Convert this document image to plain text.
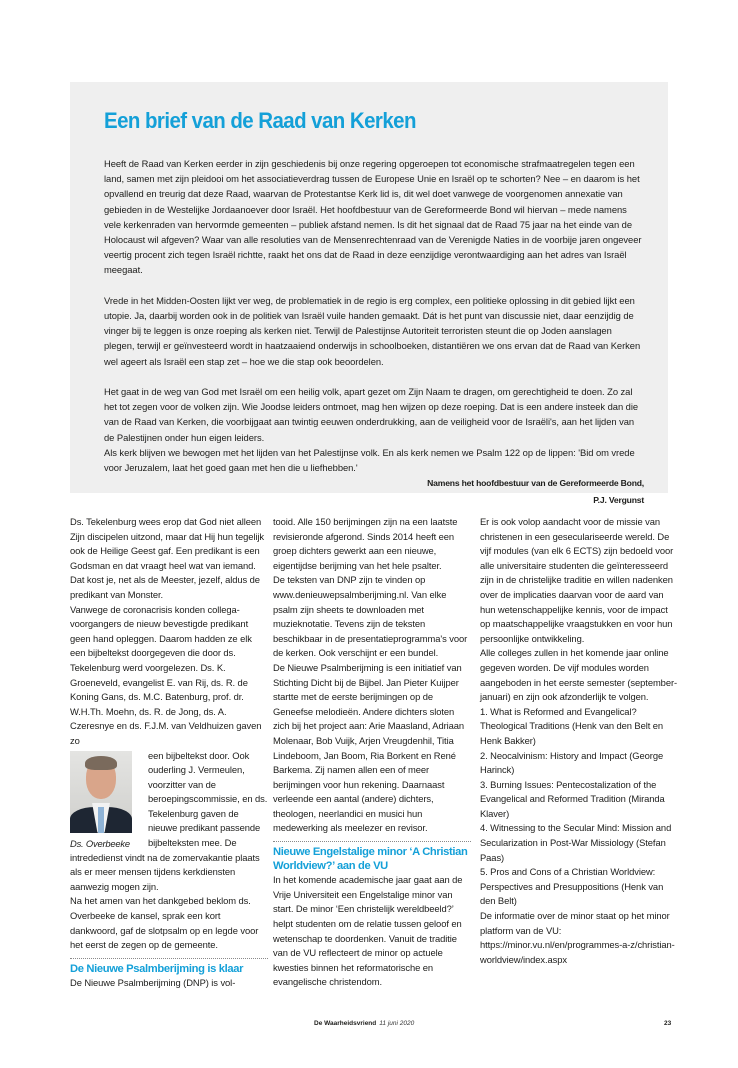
Een brief van de Raad van Kerken

Heeft de Raad van Kerken eerder in zijn geschiedenis bij onze regering opgeroepen tot economische strafmaatregelen tegen een land, samen met zijn pleidooi om het associatieverdrag tussen de Europese Unie en Israël op te schorten? Nee – en daarom is het opvallend en treurig dat deze Raad, waarvan de Protestantse Kerk lid is, dit wel doet vanwege de voorgenomen annexatie van gebieden in de Westelijke Jordaanoever door Israël. Het hoofdbestuur van de Gereformeerde Bond wil hiervan – mede namens vele kerkenraden van hervormde gemeenten – publiek afstand nemen. Is dit het signaal dat de Raad 75 jaar na het einde van de Holocaust wil afgeven? Waar van alle resoluties van de Mensenrechtenraad van de Verenigde Naties in de voorbije jaren ongeveer veertig procent zich tegen Israël richtte, raakt het ons dat de Raad in deze eenzijdige verontwaardiging aan het adres van Israël meegaat.

Vrede in het Midden-Oosten lijkt ver weg, de problematiek in de regio is erg complex, een politieke oplossing in dit gebied lijkt een utopie. Ja, daarbij worden ook in de politiek van Israël vuile handen gemaakt. Dát is het punt van discussie niet, daar eenzijdig de vinger bij te leggen is onze roeping als kerken niet. Terwijl de Palestijnse Autoriteit terroristen steunt die op Joden aanslagen plegen, terwijl er geïnvesteerd wordt in haatzaaiend onderwijs in schoolboeken, distantiëren we ons ervan dat de Raad van Kerken wel ageert als Israël een stap zet – hoe we die stap ook beoordelen.

Het gaat in de weg van God met Israël om een heilig volk, apart gezet om Zijn Naam te dragen, om gerechtigheid te doen. Zo zal het tot zegen voor de volken zijn. Wie Joodse leiders ontmoet, mag hen wijzen op deze roeping. Dat is een andere insteek dan die van de Raad van Kerken, die voorbijgaat aan twintig eeuwen onderdrukking, aan de veiligheid voor de Israëli's, aan het lijden van de Palestijnen onder hun eigen leiders.

Als kerk blijven we bewogen met het lijden van het Palestijnse volk. En als kerk nemen we Psalm 122 op de lippen: 'Bid om vrede voor Jeruzalem, laat het goed gaan met hen die u liefhebben.'

Namens het hoofdbestuur van de Gereformeerde Bond,
P.J. Vergunst

Ds. Tekelenburg wees erop dat God niet alleen Zijn discipelen uitzond, maar dat Hij hun tegelijk ook de Heilige Geest gaf. Een predikant is een Godsman en dat vraagt heel wat van iemand. Dat kost je, net als de Meester, jezelf, aldus de predikant van Monster.

Vanwege de coronacrisis konden collega-voorgangers de nieuw bevestigde predikant geen hand opleggen. Daarom hadden ze elk een bijbeltekst doorgegeven die door ds. Tekelenburg werd voorgelezen. Ds. K. Groeneveld, evangelist E. van Rij, ds. R. de Koning Gans, ds. M.C. Batenburg, prof. dr. W.H.Th. Moehn, ds. R. de Jong, ds. A. Czeresnye en ds. F.J.M. van Veldhuizen gaven zo

Ds. Overbeeke

een bijbeltekst door. Ook ouderling J. Vermeulen, voorzitter van de beroepingscommissie, en ds. Tekelenburg gaven de nieuwe predikant passende bijbelteksten mee. De intrededienst vindt na de zomervakantie plaats als er meer mensen tijdens kerkdiensten aanwezig mogen zijn.

Na het amen van het dankgebed beklom ds. Overbeeke de kansel, sprak een kort dankwoord, gaf de slotpsalm op en legde voor het eerst de zegen op de gemeente.

De Nieuwe Psalmberijming is klaar

De Nieuwe Psalmberijming (DNP) is vol-

tooid. Alle 150 berijmingen zijn na een laatste revisieronde afgerond. Sinds 2014 heeft een groep dichters gewerkt aan een nieuwe, eigentijdse berijming van het hele psalter.

De teksten van DNP zijn te vinden op www.denieuwepsalmberijming.nl. Van elke psalm zijn sheets te downloaden met muzieknotatie. Tevens zijn de teksten beschikbaar in de presentatieprogramma's voor de kerken. Ook verschijnt er een bundel.

De Nieuwe Psalmberijming is een initiatief van Stichting Dicht bij de Bijbel. Jan Pieter Kuijper startte met de eerste berijmingen op de Geneefse melodieën. Andere dichters sloten zich bij het project aan: Arie Maasland, Adriaan Molenaar, Bob Vuijk, Arjen Vreugdenhil, Titia Lindeboom, Jan Boom, Ria Borkent en René Barkema. Zij namen allen een of meer berijmingen voor hun rekening. Daarnaast verleende een aantal (andere) dichters, theologen, neerlandici en musici hun medewerking als meelezer en revisor.

Nieuwe Engelstalige minor ‘A Christian Worldview?’ aan de VU

In het komende academische jaar gaat aan de Vrije Universiteit een Engelstalige minor van start. De minor ‘Een christelijk wereldbeeld?’ helpt studenten om de relatie tussen geloof en wetenschap te doordenken. Vanuit de traditie van de VU reflecteert de minor op actuele kwesties binnen het reformatorische en evangelische christendom.

Er is ook volop aandacht voor de missie van christenen in een geseculariseerde wereld. De vijf modules (van elk 6 ECTS) zijn bedoeld voor alle universitaire studenten die geïnteresseerd zijn in de christelijke traditie en willen nadenken over de implicaties daarvan voor de aard van hun wetenschappelijke kennis, voor de impact op maatschappelijke vraagstukken en voor hun persoonlijke ontwikkeling.

Alle colleges zullen in het komende jaar online gegeven worden. De vijf modules worden aangeboden in het eerste semester (september-januari) en zijn ook afzonderlijk te volgen.

1. What is Reformed and Evangelical? Theological Traditions (Henk van den Belt en Henk Bakker)

2. Neocalvinism: History and Impact (George Harinck)

3. Burning Issues: Pentecostalization of the Evangelical and Reformed Tradition (Miranda Klaver)

4. Witnessing to the Secular Mind: Mission and Secularization in Post-War Missiology (Stefan Paas)

5. Pros and Cons of a Christian Worldview: Perspectives and Presuppositions (Henk van den Belt)

De informatie over de minor staat op het minor platform van de VU: https://minor.vu.nl/en/programmes-a-z/christian-worldview/index.aspx

De Waarheidsvriend 11 juni 2020	23
